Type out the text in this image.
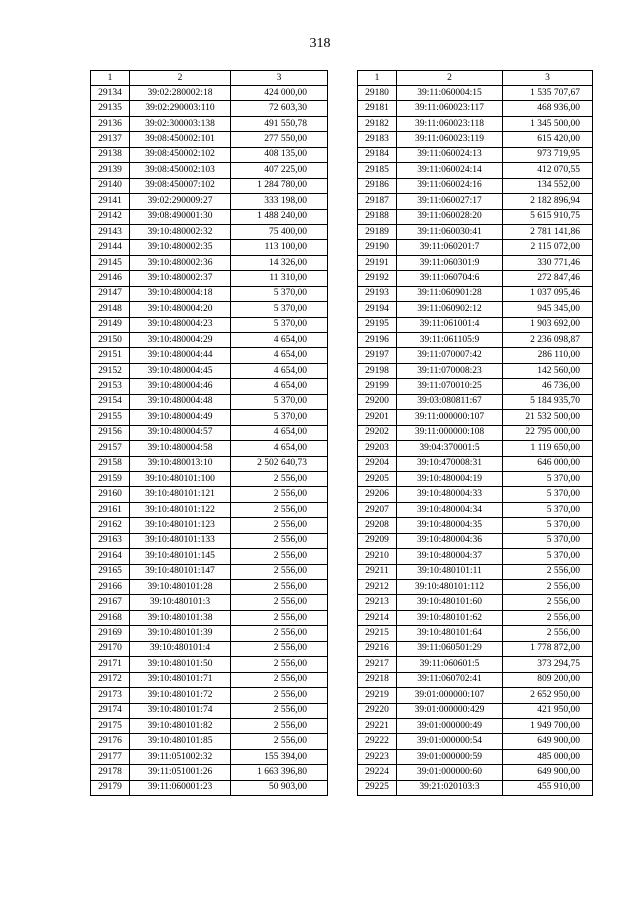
318
1	2	3
29134	39:02:280002:18	424 000,00
29135	39:02:290003:110	72 603,30
29136	39:02:300003:138	491 550,78
29137	39:08:450002:101	277 550,00
29138	39:08:450002:102	408 135,00
29139	39:08:450002:103	407 225,00
29140	39:08:450007:102	1 284 780,00
29141	39:02:290009:27	333 198,00
29142	39:08:490001:30	1 488 240,00
29143	39:10:480002:32	75 400,00
29144	39:10:480002:35	113 100,00
29145	39:10:480002:36	14 326,00
29146	39:10:480002:37	11 310,00
29147	39:10:480004:18	5 370,00
29148	39:10:480004:20	5 370,00
29149	39:10:480004:23	5 370,00
29150	39:10:480004:29	4 654,00
29151	39:10:480004:44	4 654,00
29152	39:10:480004:45	4 654,00
29153	39:10:480004:46	4 654,00
29154	39:10:480004:48	5 370,00
29155	39:10:480004:49	5 370,00
29156	39:10:480004:57	4 654,00
29157	39:10:480004:58	4 654,00
29158	39:10:480013:10	2 502 640,73
29159	39:10:480101:100	2 556,00
29160	39:10:480101:121	2 556,00
29161	39:10:480101:122	2 556,00
29162	39:10:480101:123	2 556,00
29163	39:10:480101:133	2 556,00
29164	39:10:480101:145	2 556,00
29165	39:10:480101:147	2 556,00
29166	39:10:480101:28	2 556,00
29167	39:10:480101:3	2 556,00
29168	39:10:480101:38	2 556,00
29169	39:10:480101:39	2 556,00
29170	39:10:480101:4	2 556,00
29171	39:10:480101:50	2 556,00
29172	39:10:480101:71	2 556,00
29173	39:10:480101:72	2 556,00
29174	39:10:480101:74	2 556,00
29175	39:10:480101:82	2 556,00
29176	39:10:480101:85	2 556,00
29177	39:11:051002:32	155 394,00
29178	39:11:051001:26	1 663 396,80
29179	39:11:060001:23	50 903,00
1	2	3
29180	39:11:060004:15	1 535 707,67
29181	39:11:060023:117	468 936,00
29182	39:11:060023:118	1 345 500,00
29183	39:11:060023:119	615 420,00
29184	39:11:060024:13	973 719,95
29185	39:11:060024:14	412 070,55
29186	39:11:060024:16	134 552,00
29187	39:11:060027:17	2 182 896,94
29188	39:11:060028:20	5 615 910,75
29189	39:11:060030:41	2 781 141,86
29190	39:11:060201:7	2 115 072,00
29191	39:11:060301:9	330 771,46
29192	39:11:060704:6	272 847,46
29193	39:11:060901:28	1 037 095,46
29194	39:11:060902:12	945 345,00
29195	39:11:061001:4	1 903 692,00
29196	39:11:061105:9	2 236 098,87
29197	39:11:070007:42	286 110,00
29198	39:11:070008:23	142 560,00
29199	39:11:070010:25	46 736,00
29200	39:03:080811:67	5 184 935,70
29201	39:11:000000:107	21 532 500,00
29202	39:11:000000:108	22 795 000,00
29203	39:04:370001:5	1 119 650,00
29204	39:10:470008:31	646 000,00
29205	39:10:480004:19	5 370,00
29206	39:10:480004:33	5 370,00
29207	39:10:480004:34	5 370,00
29208	39:10:480004:35	5 370,00
29209	39:10:480004:36	5 370,00
29210	39:10:480004:37	5 370,00
29211	39:10:480101:11	2 556,00
29212	39:10:480101:112	2 556,00
29213	39:10:480101:60	2 556,00
29214	39:10:480101:62	2 556,00
29215	39:10:480101:64	2 556,00
29216	39:11:060501:29	1 778 872,00
29217	39:11:060601:5	373 294,75
29218	39:11:060702:41	809 200,00
29219	39:01:000000:107	2 652 950,00
29220	39:01:000000:429	421 950,00
29221	39:01:000000:49	1 949 700,00
29222	39:01:000000:54	649 900,00
29223	39:01:000000:59	485 000,00
29224	39:01:000000:60	649 900,00
29225	39:21:020103:3	455 910,00
